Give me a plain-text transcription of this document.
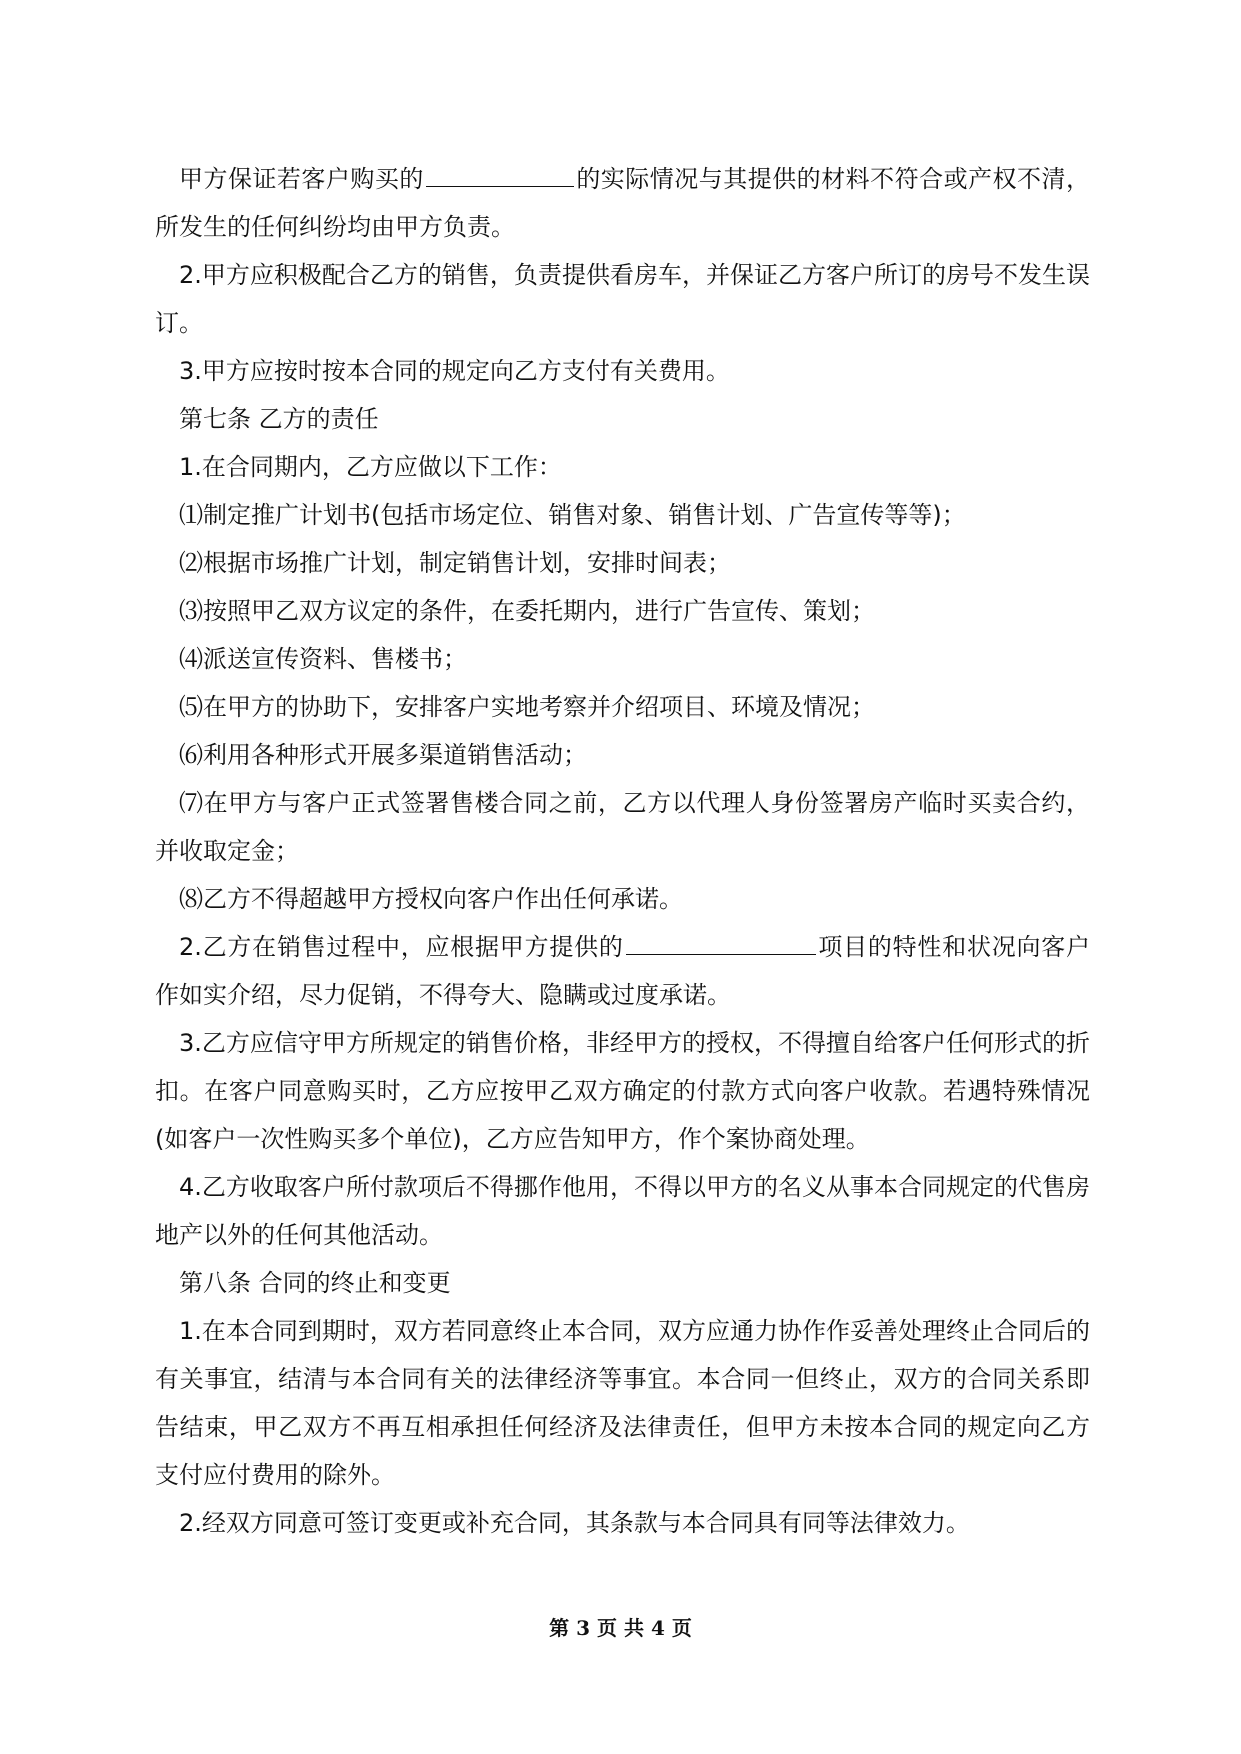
甲方保证若客户购买的	的实际情况与其提供的材料不符合或产权不清，所发生的任何纠纷均由甲方负责。

2.甲方应积极配合乙方的销售，负责提供看房车，并保证乙方客户所订的房号不发生误订。

3.甲方应按时按本合同的规定向乙方支付有关费用。

第七条 乙方的责任

1.在合同期内，乙方应做以下工作：

⑴制定推广计划书(包括市场定位、销售对象、销售计划、广告宣传等等)；

⑵根据市场推广计划，制定销售计划，安排时间表；

⑶按照甲乙双方议定的条件，在委托期内，进行广告宣传、策划；

⑷派送宣传资料、售楼书；

⑸在甲方的协助下，安排客户实地考察并介绍项目、环境及情况；

⑹利用各种形式开展多渠道销售活动；

⑺在甲方与客户正式签署售楼合同之前，乙方以代理人身份签署房产临时买卖合约，并收取定金；

⑻乙方不得超越甲方授权向客户作出任何承诺。

2.乙方在销售过程中，应根据甲方提供的	项目的特性和状况向客户作如实介绍，尽力促销，不得夸大、隐瞒或过度承诺。

3.乙方应信守甲方所规定的销售价格，非经甲方的授权，不得擅自给客户任何形式的折扣。在客户同意购买时，乙方应按甲乙双方确定的付款方式向客户收款。若遇特殊情况(如客户一次性购买多个单位)，乙方应告知甲方，作个案协商处理。

4.乙方收取客户所付款项后不得挪作他用，不得以甲方的名义从事本合同规定的代售房地产以外的任何其他活动。

第八条 合同的终止和变更

1.在本合同到期时，双方若同意终止本合同，双方应通力协作作妥善处理终止合同后的有关事宜，结清与本合同有关的法律经济等事宜。本合同一但终止，双方的合同关系即告结束，甲乙双方不再互相承担任何经济及法律责任，但甲方未按本合同的规定向乙方支付应付费用的除外。

2.经双方同意可签订变更或补充合同，其条款与本合同具有同等法律效力。

第 3 页 共 4 页
